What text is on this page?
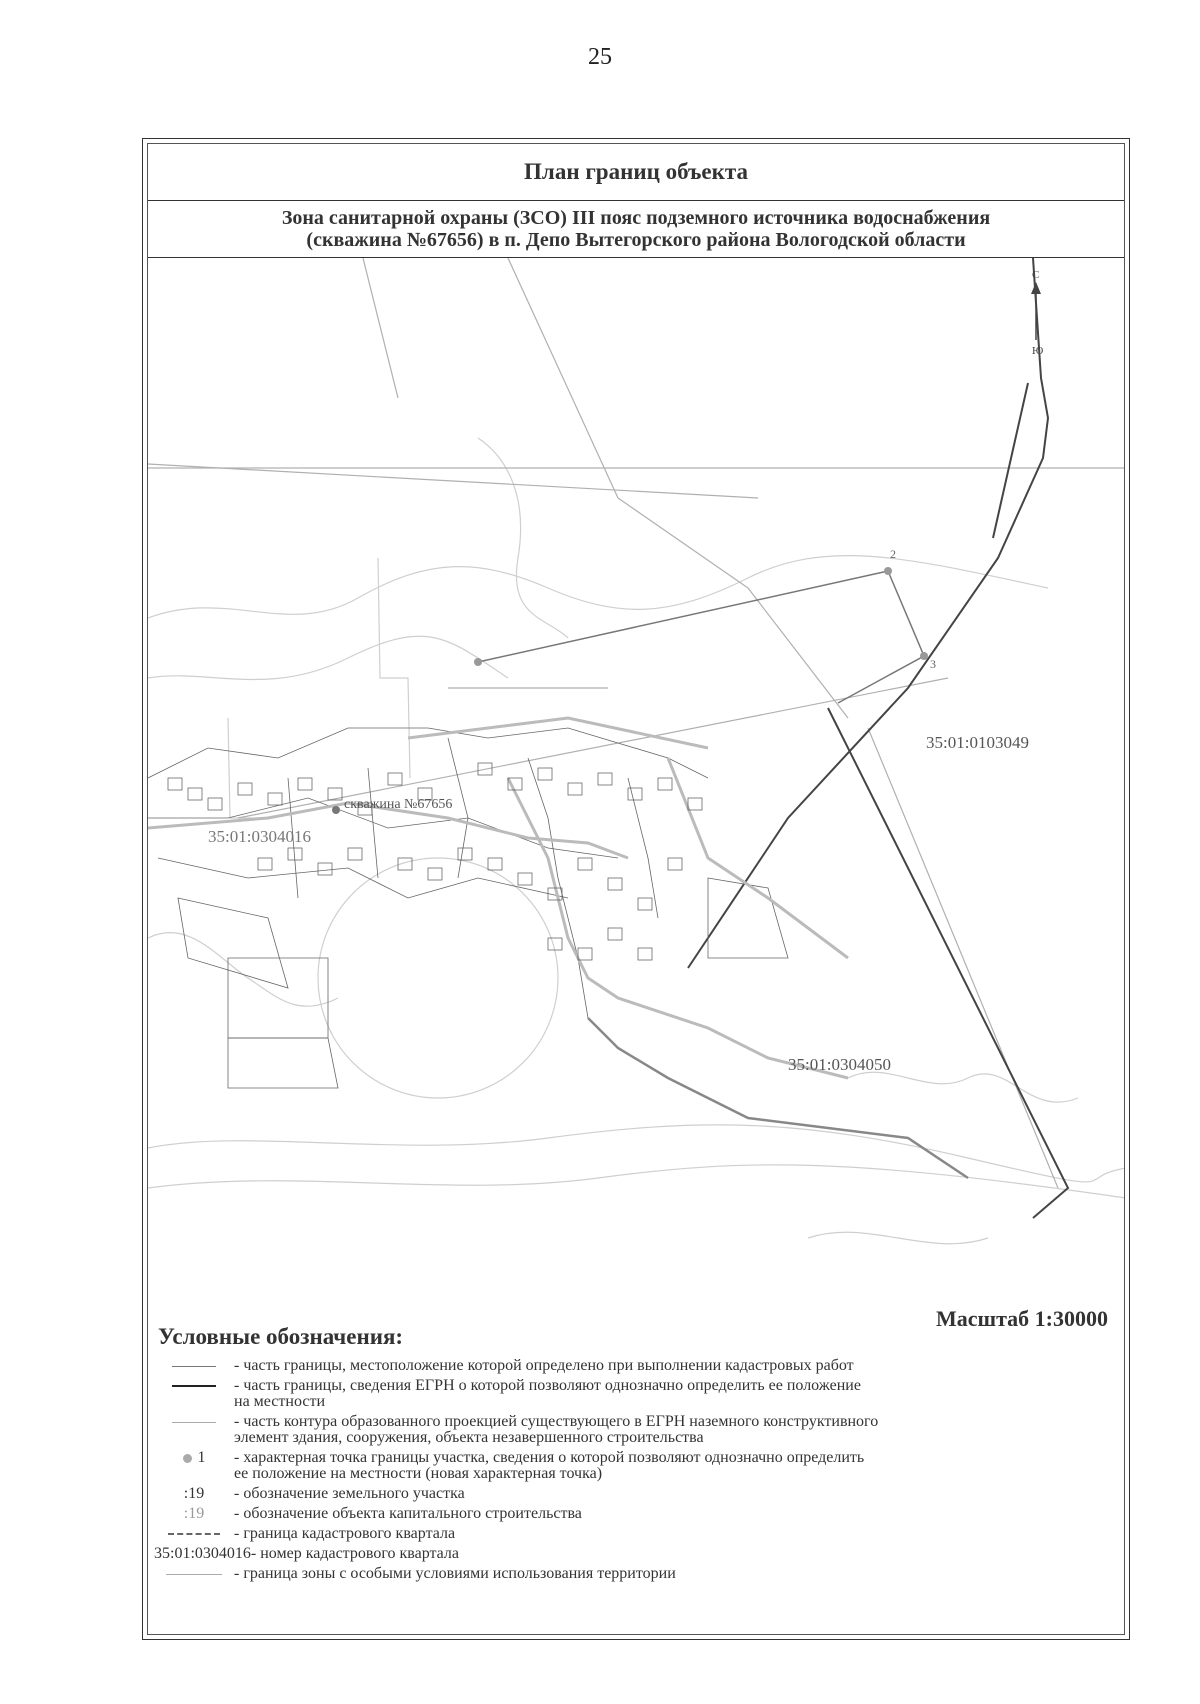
25
План границ объекта
Зона санитарной охраны (ЗСО) III пояс подземного источника водоснабжения
(скважина №67656) в п. Депо Вытегорского района Вологодской области
2
3
скважина №67656
35:01:0103049
35:01:0304050
35:01:0304016
С
Ю
Масштаб 1:30000
Условные обозначения:
- часть границы, местоположение которой определено при выполнении кадастровых работ
- часть границы, сведения ЕГРН о которой позволяют однозначно определить ее положение
на местности
- часть контура образованного проекцией существующего в ЕГРН наземного конструктивного
элемент здания, сооружения, объекта незавершенного строительства
1 - характерная точка границы участка, сведения о которой позволяют однозначно определить
ее положение на местности (новая характерная точка)
:19 - обозначение земельного участка
:19 - обозначение объекта капитального строительства
- граница кадастрового квартала
35:01:0304016 - номер кадастрового квартала
- граница зоны с особыми условиями использования территории
